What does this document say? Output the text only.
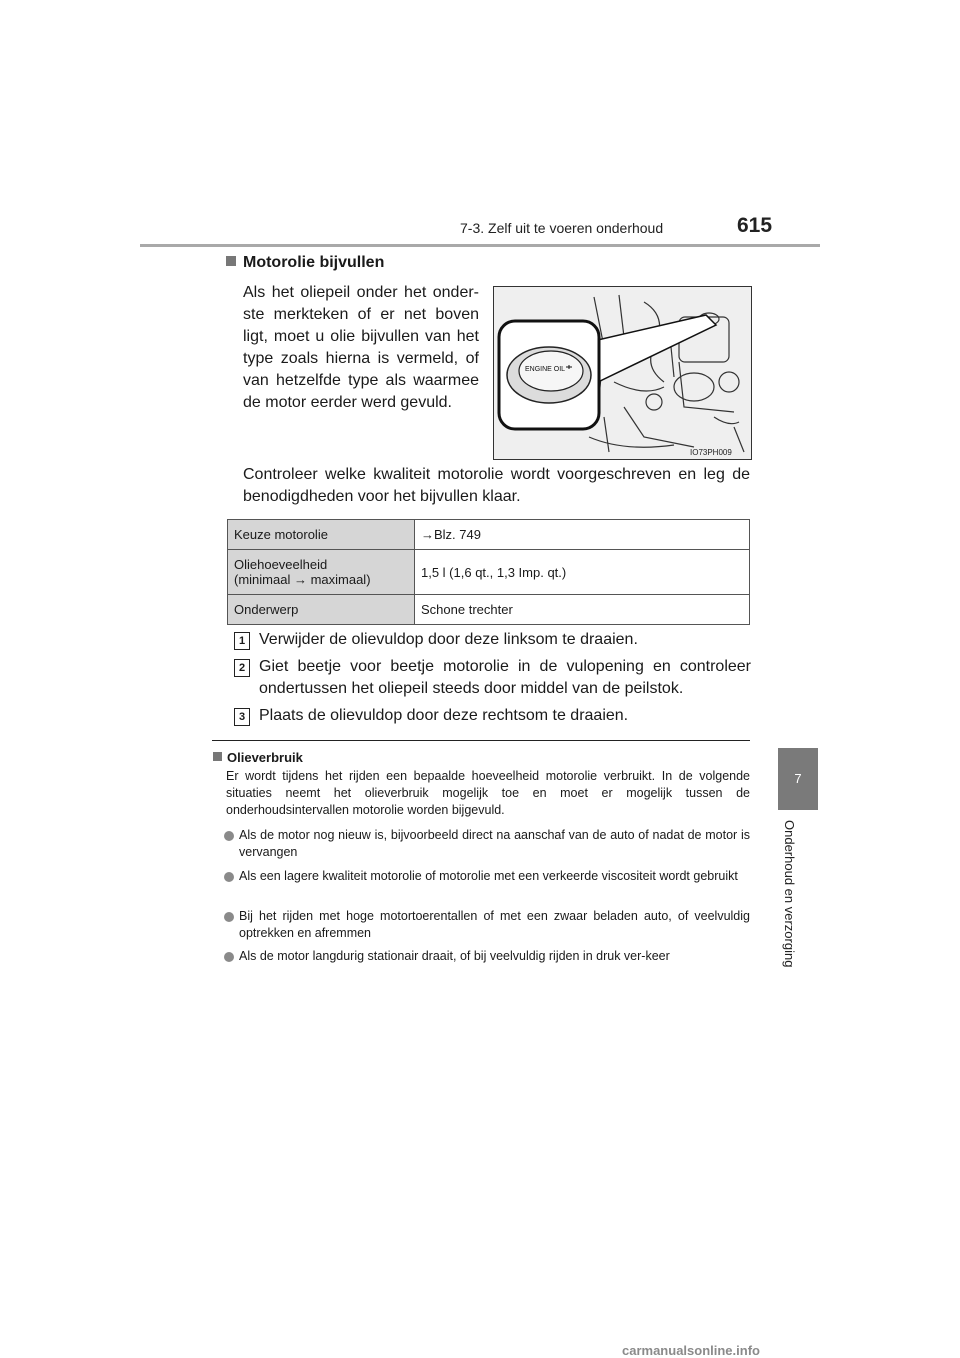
7-3. Zelf uit te voeren onderhoud	615
7
Onderhoud en verzorging
Motorolie bijvullen
Als het oliepeil onder het onder-ste merkteken of er net boven ligt, moet u olie bijvullen van het type zoals hierna is vermeld, of van hetzelfde type als waarmee de motor eerder werd gevuld.
ENGINE OIL
IO73PH009
Controleer welke kwaliteit motorolie wordt voorgeschreven en leg de benodigdheden voor het bijvullen klaar.
Keuze motorolie	→Blz. 749
Oliehoeveelheid
(minimaal → maximaal)	1,5 l (1,6 qt., 1,3 Imp. qt.)
Onderwerp	Schone trechter
1 Verwijder de olievuldop door deze linksom te draaien.
2 Giet beetje voor beetje motorolie in de vulopening en controleer ondertussen het oliepeil steeds door middel van de peilstok.
3 Plaats de olievuldop door deze rechtsom te draaien.
Olieverbruik
Er wordt tijdens het rijden een bepaalde hoeveelheid motorolie verbruikt. In de volgende situaties neemt het olieverbruik mogelijk toe en moet er mogelijk tussen de onderhoudsintervallen motorolie worden bijgevuld.
Als de motor nog nieuw is, bijvoorbeeld direct na aanschaf van de auto of nadat de motor is vervangen
Als een lagere kwaliteit motorolie of motorolie met een verkeerde viscositeit wordt gebruikt
Bij het rijden met hoge motortoerentallen of met een zwaar beladen auto, of veelvuldig optrekken en afremmen
Als de motor langdurig stationair draait, of bij veelvuldig rijden in druk ver-keer
carmanualsonline.info
